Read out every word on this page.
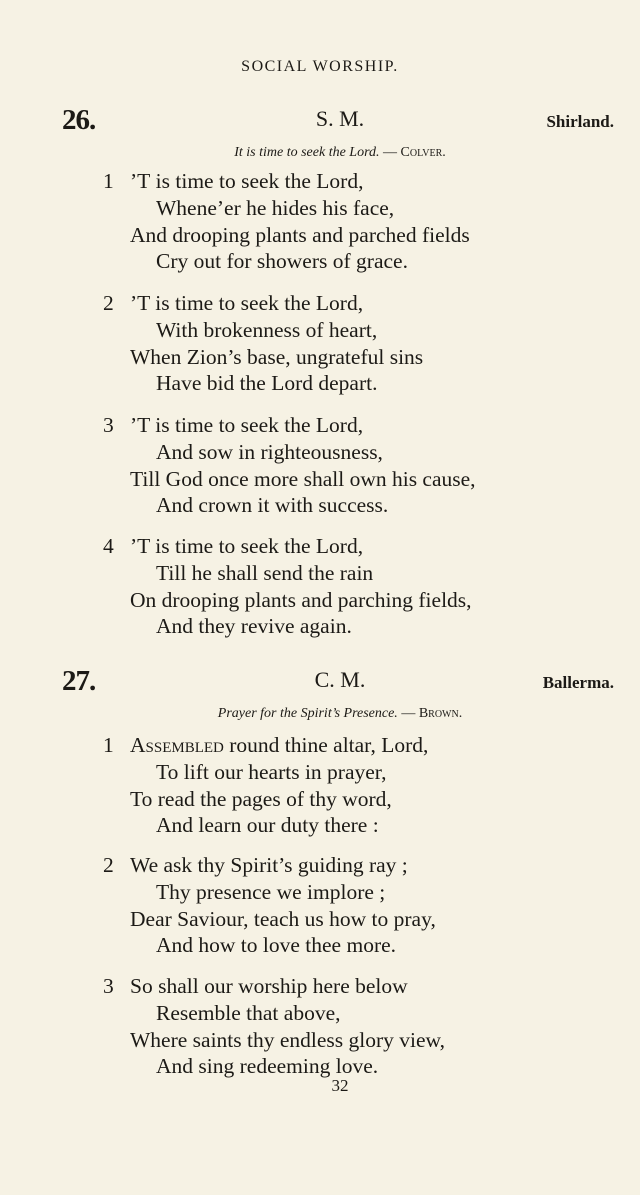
SOCIAL WORSHIP.
26.	S. M.	Shirland.
It is time to seek the Lord. — Colver.
1 ’T is time to seek the Lord,
Whene’er he hides his face,
And drooping plants and parched fields
Cry out for showers of grace.
2 ’T is time to seek the Lord,
With brokenness of heart,
When Zion’s base, ungrateful sins
Have bid the Lord depart.
3 ’T is time to seek the Lord,
And sow in righteousness,
Till God once more shall own his cause,
And crown it with success.
4 ’T is time to seek the Lord,
Till he shall send the rain
On drooping plants and parching fields,
And they revive again.
27.	C. M.	Ballerma.
Prayer for the Spirit’s Presence. — Brown.
1 Assembled round thine altar, Lord,
To lift our hearts in prayer,
To read the pages of thy word,
And learn our duty there :
2 We ask thy Spirit’s guiding ray ;
Thy presence we implore ;
Dear Saviour, teach us how to pray,
And how to love thee more.
3 So shall our worship here below
Resemble that above,
Where saints thy endless glory view,
And sing redeeming love.
32
